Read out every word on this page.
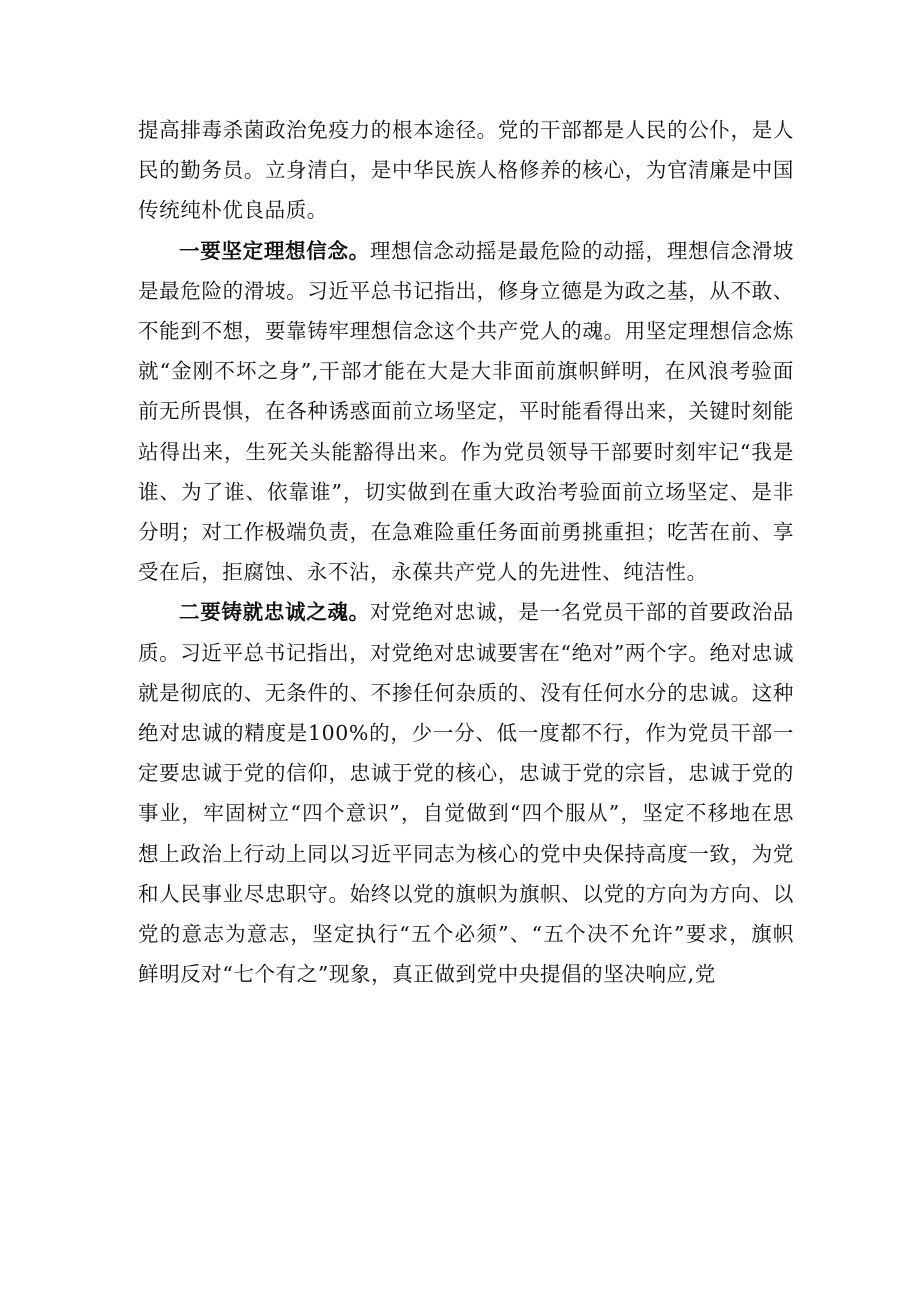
提高排毒杀菌政治免疫力的根本途径。党的干部都是人民的公仆，是人民的勤务员。立身清白，是中华民族人格修养的核心，为官清廉是中国传统纯朴优良品质。

一要坚定理想信念。理想信念动摇是最危险的动摇，理想信念滑坡是最危险的滑坡。习近平总书记指出，修身立德是为政之基，从不敢、不能到不想，要靠铸牢理想信念这个共产党人的魂。用坚定理想信念炼就“金刚不坏之身”,干部才能在大是大非面前旗帜鲜明，在风浪考验面前无所畏惧，在各种诱惑面前立场坚定，平时能看得出来，关键时刻能站得出来，生死关头能豁得出来。作为党员领导干部要时刻牢记“我是谁、为了谁、依靠谁”，切实做到在重大政治考验面前立场坚定、是非分明；对工作极端负责，在急难险重任务面前勇挑重担；吃苦在前、享受在后，拒腐蚀、永不沾，永葆共产党人的先进性、纯洁性。

二要铸就忠诚之魂。对党绝对忠诚，是一名党员干部的首要政治品质。习近平总书记指出，对党绝对忠诚要害在“绝对”两个字。绝对忠诚就是彻底的、无条件的、不掺任何杂质的、没有任何水分的忠诚。这种绝对忠诚的精度是100%的，少一分、低一度都不行，作为党员干部一定要忠诚于党的信仰，忠诚于党的核心，忠诚于党的宗旨，忠诚于党的事业，牢固树立“四个意识”，自觉做到“四个服从”，坚定不移地在思想上政治上行动上同以习近平同志为核心的党中央保持高度一致，为党和人民事业尽忠职守。始终以党的旗帜为旗帜、以党的方向为方向、以党的意志为意志，坚定执行“五个必须”、“五个决不允许”要求，旗帜鲜明反对“七个有之”现象，真正做到党中央提倡的坚决响应,党
